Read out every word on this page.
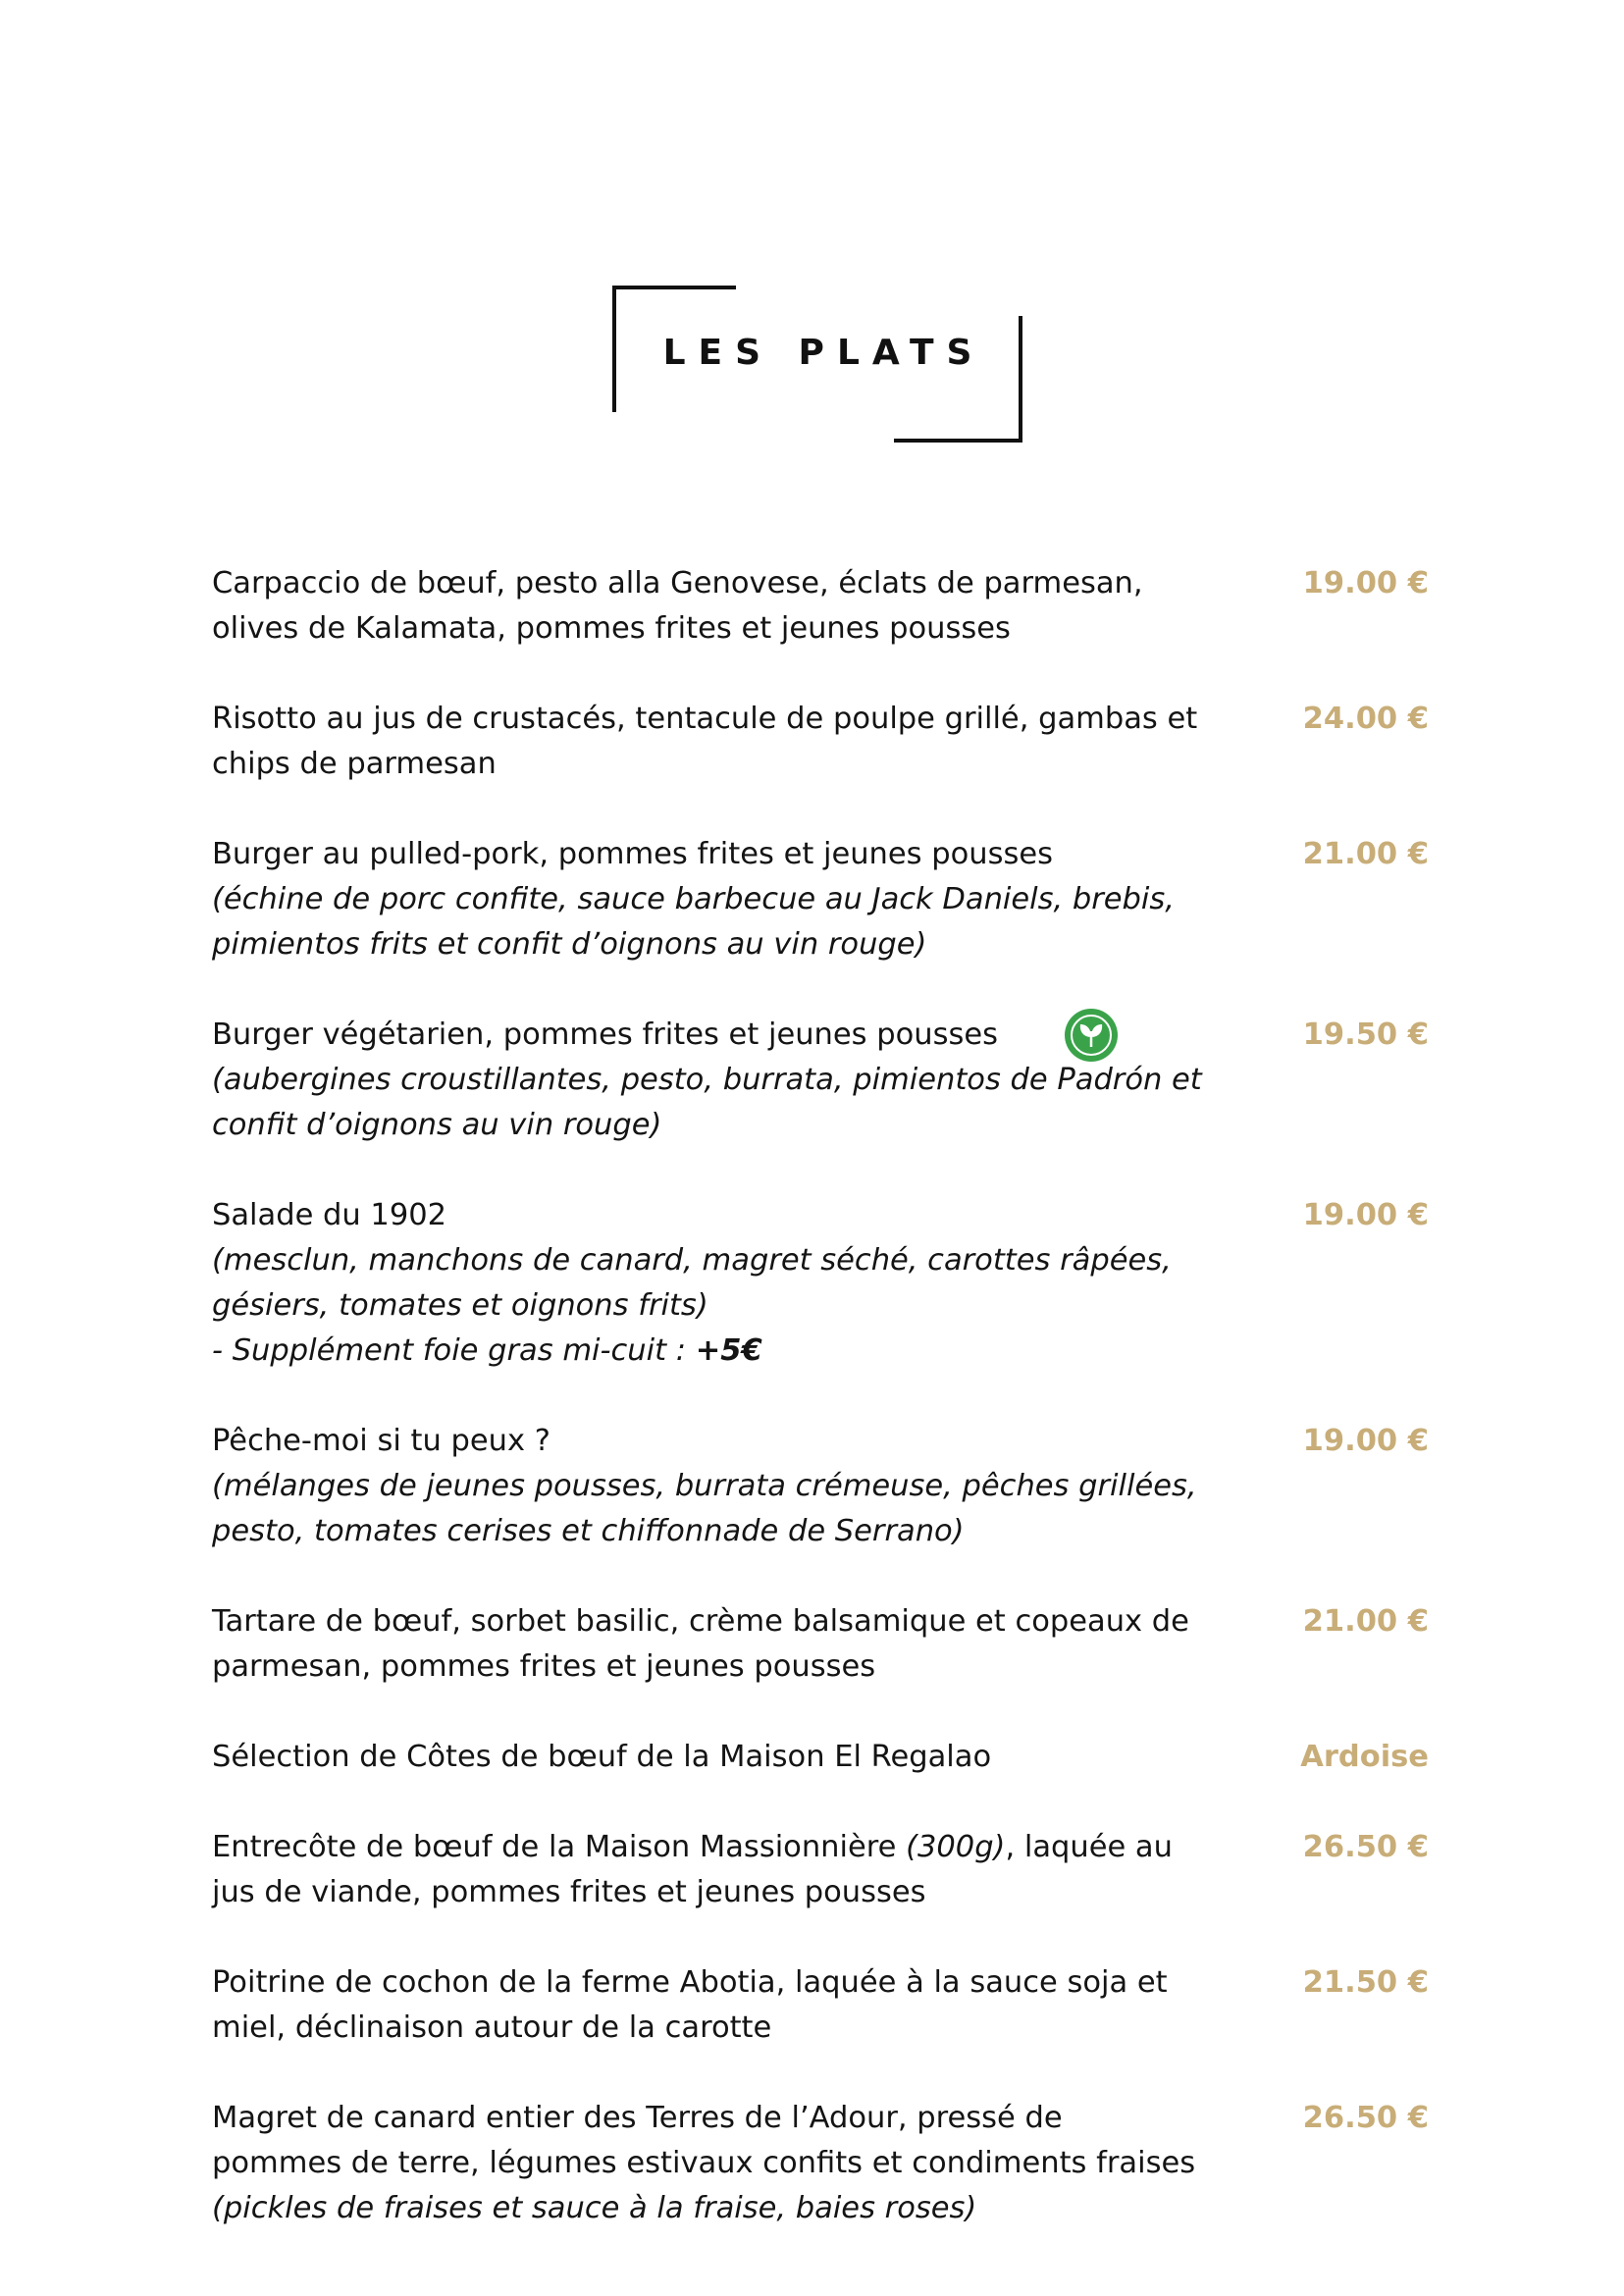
LES PLATS
Carpaccio de bœuf, pesto alla Genovese, éclats de parmesan,
olives de Kalamata, pommes frites et jeunes pousses
19.00 €
Risotto au jus de crustacés, tentacule de poulpe grillé, gambas et
chips de parmesan
24.00 €
Burger au pulled-pork, pommes frites et jeunes pousses
(échine de porc confite, sauce barbecue au Jack Daniels, brebis,
pimientos frits et confit d’oignons au vin rouge)
21.00 €
Burger végétarien, pommes frites et jeunes pousses
(aubergines croustillantes, pesto, burrata, pimientos de Padrón et
confit d’oignons au vin rouge)
19.50 €
Salade du 1902
(mesclun, manchons de canard, magret séché, carottes râpées,
gésiers, tomates et oignons frits)
- Supplément foie gras mi-cuit : +5€
19.00 €
Pêche-moi si tu peux ?
(mélanges de jeunes pousses, burrata crémeuse, pêches grillées,
pesto, tomates cerises et chiffonnade de Serrano)
19.00 €
Tartare de bœuf, sorbet basilic, crème balsamique et copeaux de
parmesan, pommes frites et jeunes pousses
21.00 €
Sélection de Côtes de bœuf de la Maison El Regalao	Ardoise
Entrecôte de bœuf de la Maison Massionnière (300g), laquée au
jus de viande, pommes frites et jeunes pousses
26.50 €
Poitrine de cochon de la ferme Abotia, laquée à la sauce soja et
miel, déclinaison autour de la carotte
21.50 €
Magret de canard entier des Terres de l’Adour, pressé de
pommes de terre, légumes estivaux confits et condiments fraises
(pickles de fraises et sauce à la fraise, baies roses)
26.50 €
